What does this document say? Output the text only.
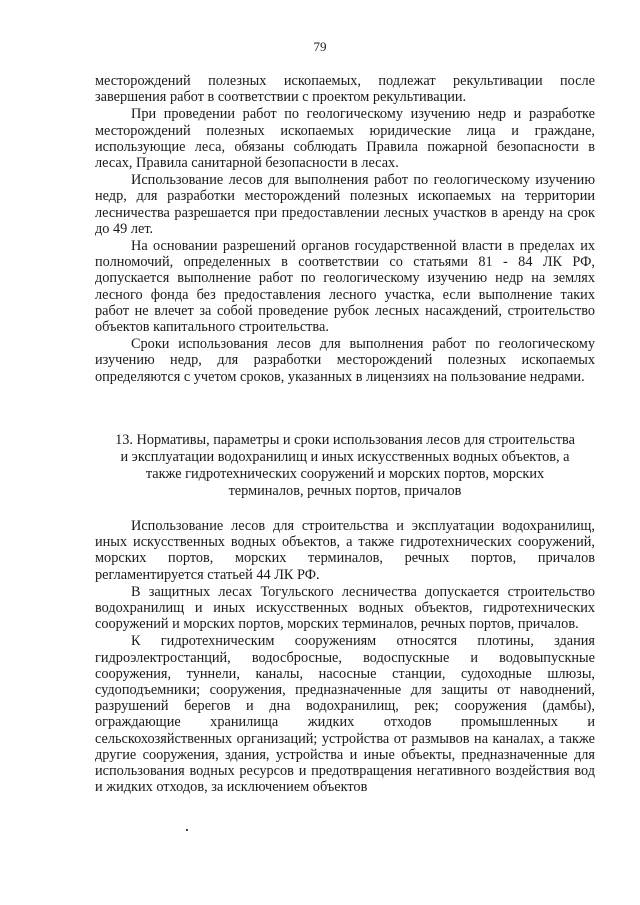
79

месторождений полезных ископаемых, подлежат рекультивации после завершения работ в соответствии с проектом рекультивации.

При проведении работ по геологическому изучению недр и разработке месторождений полезных ископаемых юридические лица и граждане, использующие леса, обязаны соблюдать Правила пожарной безопасности в лесах, Правила санитарной безопасности в лесах.

Использование лесов для выполнения работ по геологическому изучению недр, для разработки месторождений полезных ископаемых на территории лесничества разрешается при предоставлении лесных участков в аренду на срок до 49 лет.

На основании разрешений органов государственной власти в пределах их полномочий, определенных в соответствии со статьями 81 - 84 ЛК РФ, допускается выполнение работ по геологическому изучению недр на землях лесного фонда без предоставления лесного участка, если выполнение таких работ не влечет за собой проведение рубок лесных насаждений, строительство объектов капитального строительства.

Сроки использования лесов для выполнения работ по геологическому изучению недр, для разработки месторождений полезных ископаемых определяются с учетом сроков, указанных в лицензиях на пользование недрами.

13. Нормативы, параметры и сроки использования лесов для строительства

и эксплуатации водохранилищ и иных искусственных водных объектов, а

также гидротехнических сооружений и морских портов, морских

терминалов, речных портов, причалов

Использование лесов для строительства и эксплуатации водохранилищ, иных искусственных водных объектов, а также гидротехнических сооружений, морских портов, морских терминалов, речных портов, причалов регламентируется статьей 44 ЛК РФ.

В защитных лесах Тогульского лесничества допускается строительство водохранилищ и иных искусственных водных объектов, гидротехнических сооружений и морских портов, морских терминалов, речных портов, причалов.

К гидротехническим сооружениям относятся плотины, здания гидроэлектростанций, водосбросные, водоспускные и водовыпускные сооружения, туннели, каналы, насосные станции, судоходные шлюзы, судоподъемники; сооружения, предназначенные для защиты от наводнений, разрушений берегов и дна водохранилищ, рек; сооружения (дамбы), ограждающие хранилища жидких отходов промышленных и сельскохозяйственных организаций; устройства от размывов на каналах, а также другие сооружения, здания, устройства и иные объекты, предназначенные для использования водных ресурсов и предотвращения негативного воздействия вод и жидких отходов, за исключением объектов
